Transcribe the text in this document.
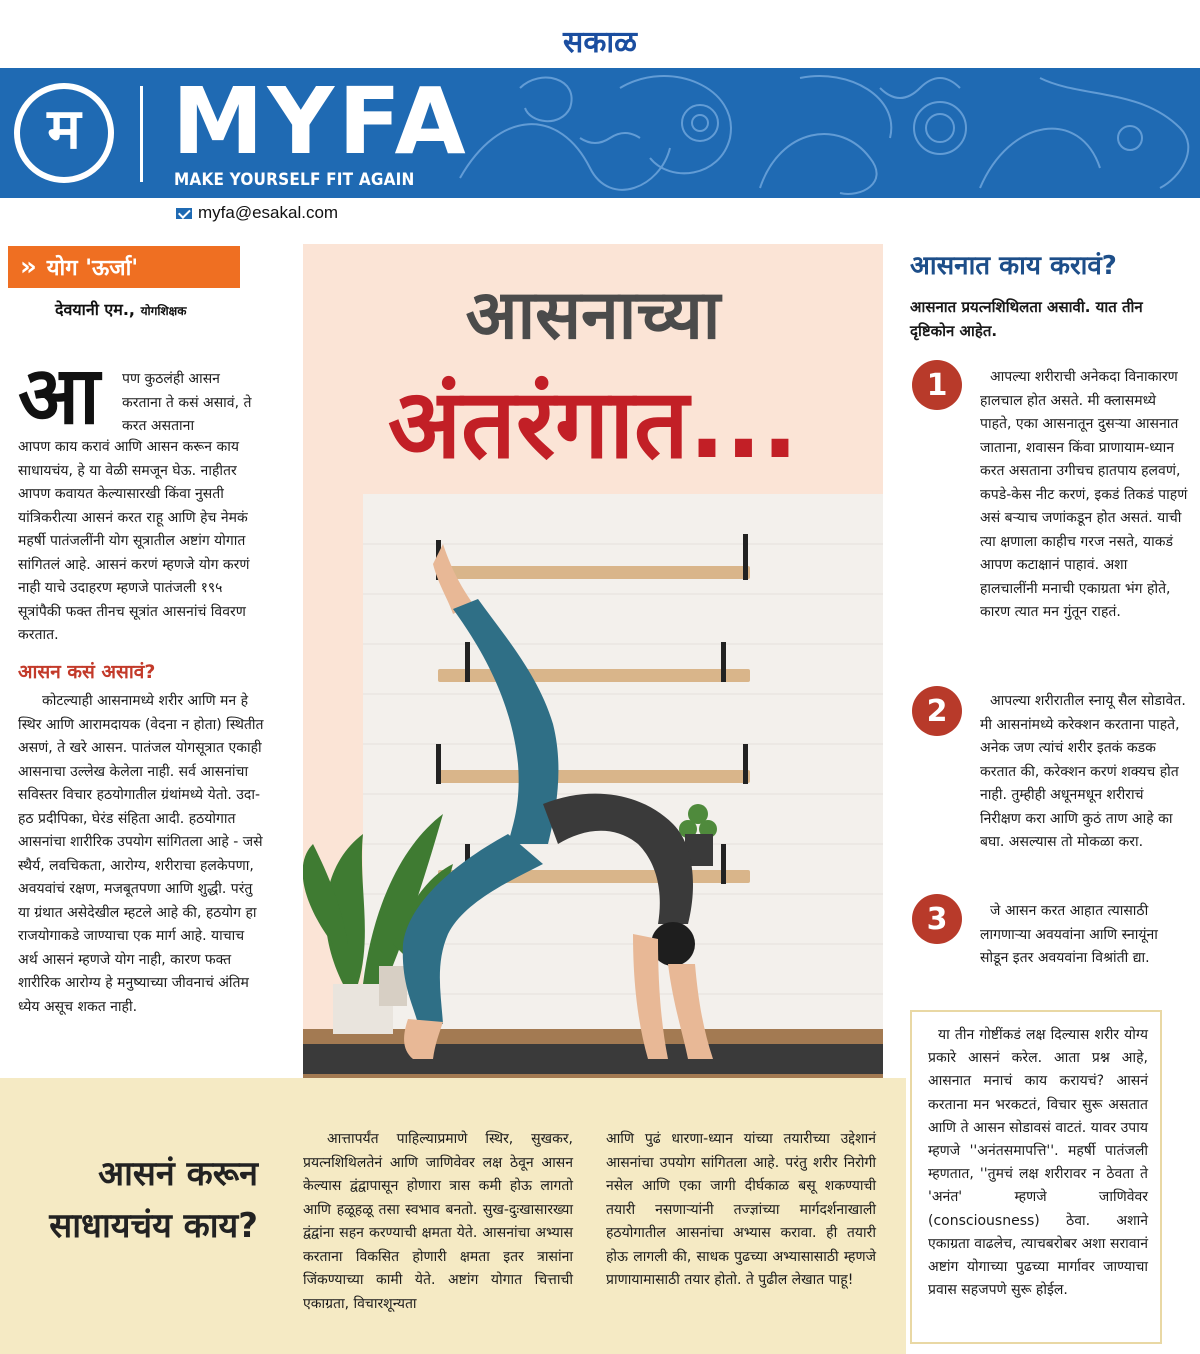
सकाळ
म MYFA
MAKE YOURSELF FIT AGAIN
myfa@esakal.com
» योग 'ऊर्जा'
देवयानी एम., योगशिक्षक
आ पण कुठलंही आसन करताना ते कसं असावं, ते करत असताना
आपण काय करावं आणि आसन करून काय साधायचंय, हे या वेळी समजून घेऊ. नाहीतर आपण कवायत केल्यासारखी किंवा नुसती यांत्रिकरीत्या आसनं करत राहू आणि हेच नेमकं महर्षी पातंजलींनी योग सूत्रातील अष्टांग योगात सांगितलं आहे. आसनं करणं म्हणजे योग करणं नाही याचे उदाहरण म्हणजे पातंजली १९५ सूत्रांपैकी फक्त तीनच सूत्रांत आसनांचं विवरण करतात.
आसन कसं असावं?
कोटल्याही आसनामध्ये शरीर आणि मन हे स्थिर आणि आरामदायक (वेदना न होता) स्थितीत असणं, ते खरे आसन. पातंजल योगसूत्रात एकाही आसनाचा उल्लेख केलेला नाही. सर्व आसनांचा सविस्तर विचार हठयोगातील ग्रंथांमध्ये येतो. उदा- हठ प्रदीपिका, घेरंड संहिता आदी. हठयोगात आसनांचा शारीरिक उपयोग सांगितला आहे - जसे स्थैर्य, लवचिकता, आरोग्य, शरीराचा हलकेपणा, अवयवांचं रक्षण, मजबूतपणा आणि शुद्धी. परंतु या ग्रंथात असेदेखील म्हटले आहे की, हठयोग हा राजयोगाकडे जाण्याचा एक मार्ग आहे. याचाच अर्थ आसनं म्हणजे योग नाही, कारण फक्त शारीरिक आरोग्य हे मनुष्याच्या जीवनाचं अंतिम ध्येय असूच शकत नाही.
आसनाच्या
अंतरंगात...
आसनं करून साधायचंय काय?
आत्तापर्यंत पाहिल्याप्रमाणे स्थिर, सुखकर, प्रयत्नशिथिलतेनं आणि जाणिवेवर लक्ष ठेवून आसन केल्यास द्वंद्वापासून होणारा त्रास कमी होऊ लागतो आणि हळूहळू तसा स्वभाव बनतो. सुख-दुःखासारख्या द्वंद्वांना सहन करण्याची क्षमता येते. आसनांचा अभ्यास करताना विकसित होणारी क्षमता इतर त्रासांना जिंकण्याच्या कामी येते. अष्टांग योगात चित्ताची एकाग्रता, विचारशून्यता
आणि पुढं धारणा-ध्यान यांच्या तयारीच्या उद्देशानं आसनांचा उपयोग सांगितला आहे. परंतु शरीर निरोगी नसेल आणि एका जागी दीर्घकाळ बसू शकण्याची तयारी नसणाऱ्यांनी तज्ज्ञांच्या मार्गदर्शनाखाली हठयोगातील आसनांचा अभ्यास करावा. ही तयारी होऊ लागली की, साधक पुढच्या अभ्यासासाठी म्हणजे प्राणायामासाठी तयार होतो. ते पुढील लेखात पाहू!
आसनात काय करावं?
आसनात प्रयत्नशिथिलता असावी. यात तीन दृष्टिकोन आहेत.
1	आपल्या शरीराची अनेकदा विनाकारण हालचाल होत असते. मी क्लासमध्ये पाहते, एका आसनातून दुसऱ्या आसनात जाताना, शवासन किंवा प्राणायाम-ध्यान करत असताना उगीचच हातपाय हलवणं, कपडे-केस नीट करणं, इकडं तिकडं पाहणं असं बऱ्याच जणांकडून होत असतं. याची त्या क्षणाला काहीच गरज नसते, याकडं आपण कटाक्षानं पाहावं. अशा हालचालींनी मनाची एकाग्रता भंग होते, कारण त्यात मन गुंतून राहतं.
2	आपल्या शरीरातील स्नायू सैल सोडावेत. मी आसनांमध्ये करेक्शन करताना पाहते, अनेक जण त्यांचं शरीर इतकं कडक करतात की, करेक्शन करणं शक्यच होत नाही. तुम्हीही अधूनमधून शरीराचं निरीक्षण करा आणि कुठं ताण आहे का बघा. असल्यास तो मोकळा करा.
3	जे आसन करत आहात त्यासाठी लागणाऱ्या अवयवांना आणि स्नायूंना सोडून इतर अवयवांना विश्रांती द्या.
या तीन गोष्टींकडं लक्ष दिल्यास शरीर योग्य प्रकारे आसनं करेल. आता प्रश्न आहे, आसनात मनाचं काय करायचं? आसनं करताना मन भरकटतं, विचार सुरू असतात आणि ते आसन सोडावसं वाटतं. यावर उपाय म्हणजे ''अनंतसमापत्ति''. महर्षी पातंजली म्हणतात, ''तुमचं लक्ष शरीरावर न ठेवता ते 'अनंत' म्हणजे जाणिवेवर (consciousness) ठेवा. अशाने एकाग्रता वाढलेच, त्याचबरोबर अशा सरावानं अष्टांग योगाच्या पुढच्या मार्गावर जाण्याचा प्रवास सहजपणे सुरू होईल.
